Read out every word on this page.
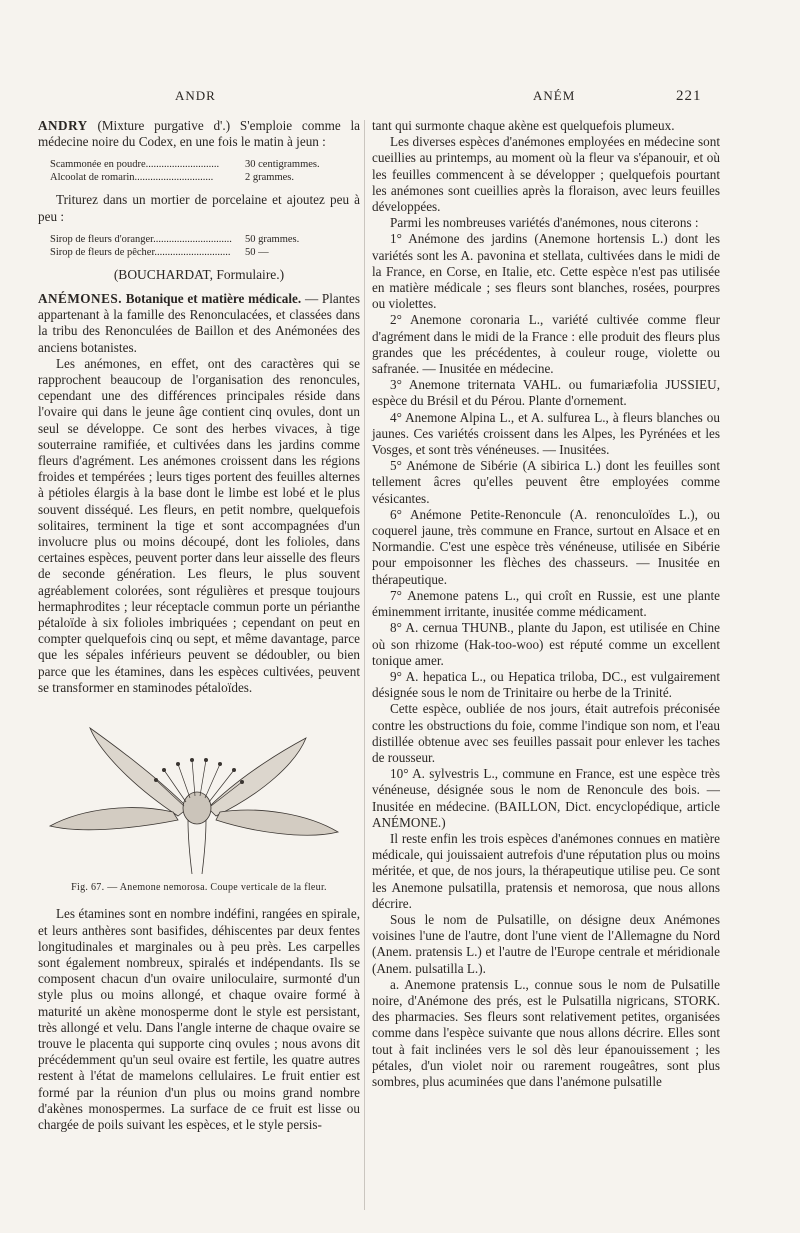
ANDR	ANÉM	221

ANDRY (Mixture purgative d'.) S'emploie comme la médecine noire du Codex, en une fois le matin à jeun :

Scammonée en poudre............................	30 centigrammes.
Alcoolat de romarin..............................	2 grammes.

Triturez dans un mortier de porcelaine et ajoutez peu à peu :

Sirop de fleurs d'oranger..............................	50 grammes.
Sirop de fleurs de pêcher.............................	50 —
(BOUCHARDAT, Formulaire.)

ANÉMONES. Botanique et matière médicale. — Plantes appartenant à la famille des Renonculacées, et classées dans la tribu des Renonculées de Baillon et des Anémonées des anciens botanistes.

Les anémones, en effet, ont des caractères qui se rapprochent beaucoup de l'organisation des renoncules, cependant une des différences principales réside dans l'ovaire qui dans le jeune âge contient cinq ovules, dont un seul se développe. Ce sont des herbes vivaces, à tige souterraine ramifiée, et cultivées dans les jardins comme fleurs d'agrément. Les anémones croissent dans les régions froides et tempérées ; leurs tiges portent des feuilles alternes à pétioles élargis à la base dont le limbe est lobé et le plus souvent disséqué. Les fleurs, en petit nombre, quelquefois solitaires, terminent la tige et sont accompagnées d'un involucre plus ou moins découpé, dont les folioles, dans certaines espèces, peuvent porter dans leur aisselle des fleurs de seconde génération. Les fleurs, le plus souvent agréablement colorées, sont régulières et presque toujours hermaphrodites ; leur réceptacle commun porte un périanthe pétaloïde à six folioles imbriquées ; cependant on peut en compter quelquefois cinq ou sept, et même davantage, parce que les sépales inférieurs peuvent se dédoubler, ou bien parce que les étamines, dans les espèces cultivées, peuvent se transformer en staminodes pétaloïdes.

Fig. 67. — Anemone nemorosa. Coupe verticale de la fleur.

Les étamines sont en nombre indéfini, rangées en spirale, et leurs anthères sont basifides, déhiscentes par deux fentes longitudinales et marginales ou à peu près. Les carpelles sont également nombreux, spiralés et indépendants. Ils se composent chacun d'un ovaire uniloculaire, surmonté d'un style plus ou moins allongé, et chaque ovaire formé à maturité un akène monosperme dont le style est persistant, très allongé et velu. Dans l'angle interne de chaque ovaire se trouve le placenta qui supporte cinq ovules ; nous avons dit précédemment qu'un seul ovaire est fertile, les quatre autres restent à l'état de mamelons cellulaires. Le fruit entier est formé par la réunion d'un plus ou moins grand nombre d'akènes monospermes. La surface de ce fruit est lisse ou chargée de poils suivant les espèces, et le style persis-

tant qui surmonte chaque akène est quelquefois plumeux.

Les diverses espèces d'anémones employées en médecine sont cueillies au printemps, au moment où la fleur va s'épanouir, et où les feuilles commencent à se développer ; quelquefois pourtant les anémones sont cueillies après la floraison, avec leurs feuilles développées.

Parmi les nombreuses variétés d'anémones, nous citerons :

1° Anémone des jardins (Anemone hortensis L.) dont les variétés sont les A. pavonina et stellata, cultivées dans le midi de la France, en Corse, en Italie, etc. Cette espèce n'est pas utilisée en matière médicale ; ses fleurs sont blanches, rosées, pourpres ou violettes.

2° Anemone coronaria L., variété cultivée comme fleur d'agrément dans le midi de la France : elle produit des fleurs plus grandes que les précédentes, à couleur rouge, violette ou safranée. — Inusitée en médecine.

3° Anemone triternata VAHL. ou fumariæfolia JUSSIEU, espèce du Brésil et du Pérou. Plante d'ornement.

4° Anemone Alpina L., et A. sulfurea L., à fleurs blanches ou jaunes. Ces variétés croissent dans les Alpes, les Pyrénées et les Vosges, et sont très vénéneuses. — Inusitées.

5° Anémone de Sibérie (A sibirica L.) dont les feuilles sont tellement âcres qu'elles peuvent être employées comme vésicantes.

6° Anémone Petite-Renoncule (A. renonculoïdes L.), ou coquerel jaune, très commune en France, surtout en Alsace et en Normandie. C'est une espèce très vénéneuse, utilisée en Sibérie pour empoisonner les flèches des chasseurs. — Inusitée en thérapeutique.

7° Anemone patens L., qui croît en Russie, est une plante éminemment irritante, inusitée comme médicament.

8° A. cernua THUNB., plante du Japon, est utilisée en Chine où son rhizome (Hak-too-woo) est réputé comme un excellent tonique amer.

9° A. hepatica L., ou Hepatica triloba, DC., est vulgairement désignée sous le nom de Trinitaire ou herbe de la Trinité.

Cette espèce, oubliée de nos jours, était autrefois préconisée contre les obstructions du foie, comme l'indique son nom, et l'eau distillée obtenue avec ses feuilles passait pour enlever les taches de rousseur.

10° A. sylvestris L., commune en France, est une espèce très vénéneuse, désignée sous le nom de Renoncule des bois. — Inusitée en médecine. (BAILLON, Dict. encyclopédique, article ANÉMONE.)

Il reste enfin les trois espèces d'anémones connues en matière médicale, qui jouissaient autrefois d'une réputation plus ou moins méritée, et que, de nos jours, la thérapeutique utilise peu. Ce sont les Anemone pulsatilla, pratensis et nemorosa, que nous allons décrire.

Sous le nom de Pulsatille, on désigne deux Anémones voisines l'une de l'autre, dont l'une vient de l'Allemagne du Nord (Anem. pratensis L.) et l'autre de l'Europe centrale et méridionale (Anem. pulsatilla L.).

a. Anemone pratensis L., connue sous le nom de Pulsatille noire, d'Anémone des prés, est le Pulsatilla nigricans, STORK. des pharmacies. Ses fleurs sont relativement petites, organisées comme dans l'espèce suivante que nous allons décrire. Elles sont tout à fait inclinées vers le sol dès leur épanouissement ; les pétales, d'un violet noir ou rarement rougeâtres, sont plus sombres, plus acuminées que dans l'anémone pulsatille
